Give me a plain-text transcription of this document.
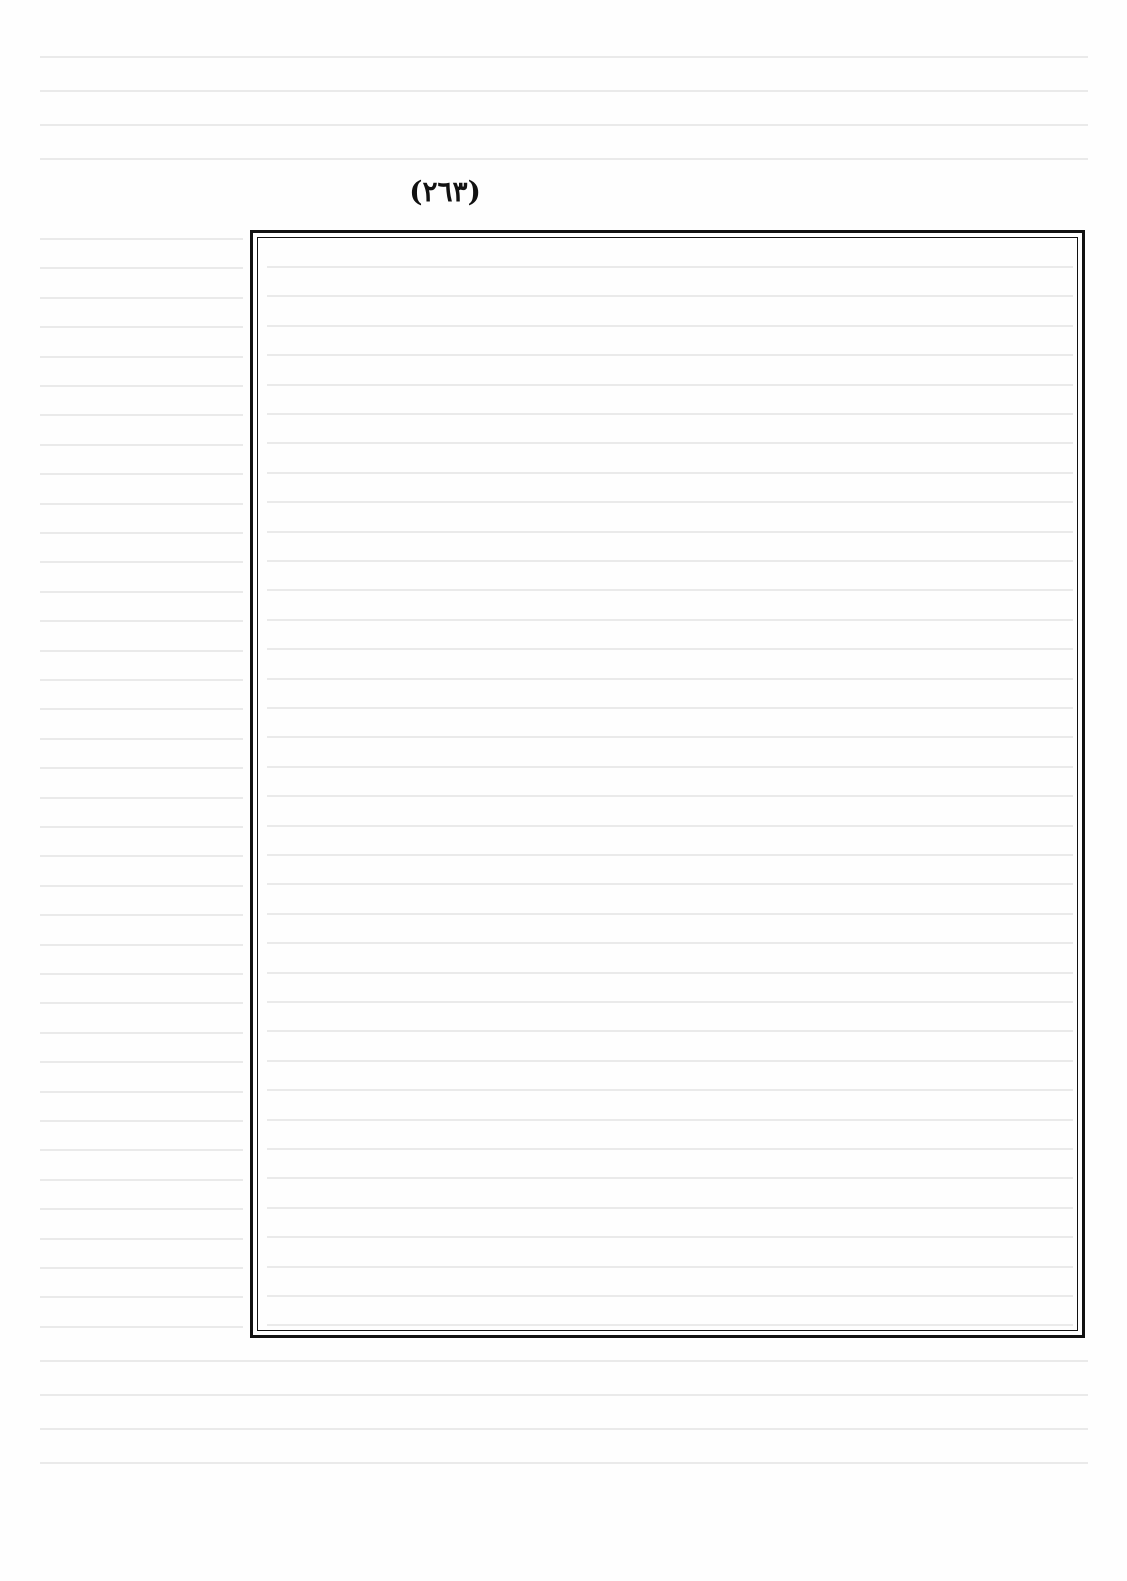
(٢٦٣)
